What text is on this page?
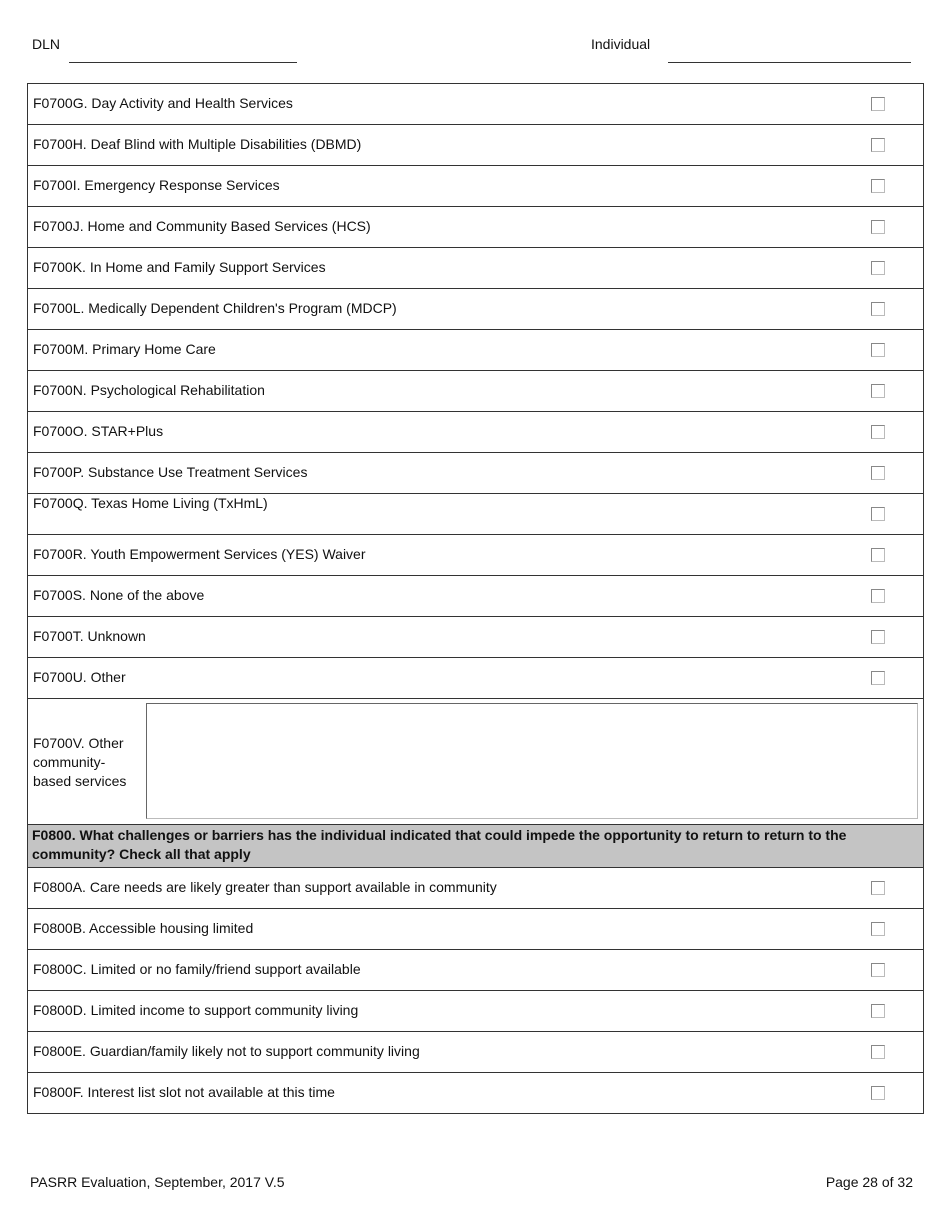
DLN	Individual
F0700G. Day Activity and Health Services
F0700H. Deaf Blind with Multiple Disabilities (DBMD)
F0700I. Emergency Response Services
F0700J. Home and Community Based Services (HCS)
F0700K. In Home and Family Support Services
F0700L. Medically Dependent Children's Program (MDCP)
F0700M. Primary Home Care
F0700N. Psychological Rehabilitation
F0700O. STAR+Plus
F0700P. Substance Use Treatment Services
F0700Q. Texas Home Living (TxHmL)
F0700R. Youth Empowerment Services (YES) Waiver
F0700S. None of the above
F0700T. Unknown
F0700U. Other
F0700V. Other community-based services
F0800. What challenges or barriers has the individual indicated that could impede the opportunity to return to return to the community? Check all that apply
F0800A. Care needs are likely greater than support available in community
F0800B. Accessible housing limited
F0800C. Limited or no family/friend support available
F0800D. Limited income to support community living
F0800E. Guardian/family likely not to support community living
F0800F. Interest list slot not available at this time
PASRR Evaluation, September, 2017 V.5	Page 28 of 32
